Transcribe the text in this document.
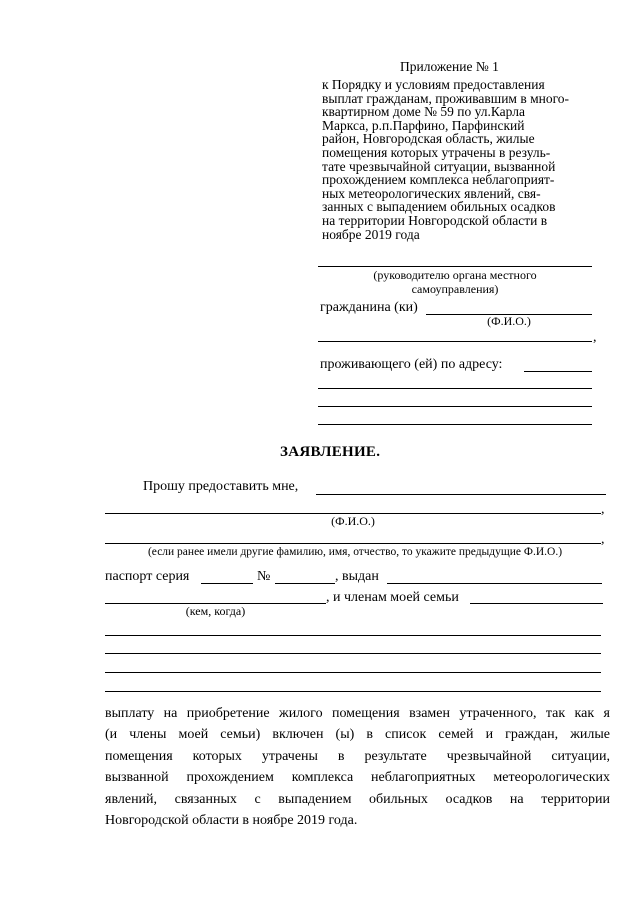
Приложение № 1
к Порядку и условиям предоставления
выплат гражданам, проживавшим в много-
квартирном доме № 59 по ул.Карла
Маркса, р.п.Парфино, Парфинский
район, Новгородская область, жилые
помещения которых утрачены в резуль-
тате чрезвычайной ситуации, вызванной
прохождением комплекса неблагоприят-
ных метеорологических явлений, свя-
занных с выпадением обильных осадков
на территории Новгородской области в
ноябре 2019 года
(руководителю органа местного
самоуправления)
гражданина (ки)
(Ф.И.О.)
,
проживающего (ей) по адресу:
ЗАЯВЛЕНИЕ.
Прошу предоставить мне,
,
(Ф.И.О.)
,
(если ранее имели другие фамилию, имя, отчество, то укажите предыдущие Ф.И.О.)
паспорт серия	№	, выдан
, и членам моей семьи
(кем, когда)
выплату на приобретение жилого помещения взамен утраченного, так как я
(и члены моей семьи) включен (ы) в список семей и граждан, жилые
помещения которых утрачены в результате чрезвычайной ситуации,
вызванной прохождением комплекса неблагоприятных метеорологических
явлений, связанных с выпадением обильных осадков на территории
Новгородской области в ноябре 2019 года.
